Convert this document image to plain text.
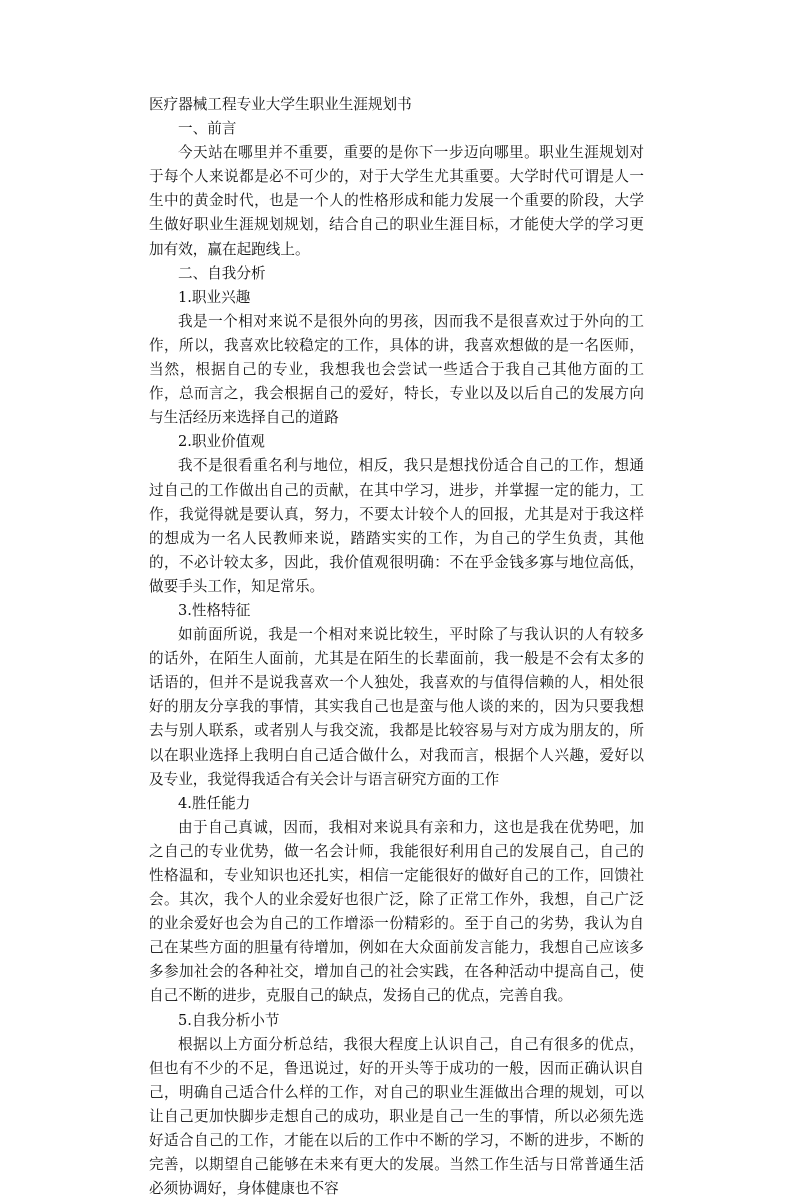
医疗器械工程专业大学生职业生涯规划书

一、前言

今天站在哪里并不重要，重要的是你下一步迈向哪里。职业生涯规划对于每个人来说都是必不可少的，对于大学生尤其重要。大学时代可谓是人一生中的黄金时代，也是一个人的性格形成和能力发展一个重要的阶段，大学生做好职业生涯规划规划，结合自己的职业生涯目标，才能使大学的学习更加有效，赢在起跑线上。

二、自我分析

1.职业兴趣

我是一个相对来说不是很外向的男孩，因而我不是很喜欢过于外向的工作，所以，我喜欢比较稳定的工作，具体的讲，我喜欢想做的是一名医师，当然，根据自己的专业，我想我也会尝试一些适合于我自己其他方面的工作，总而言之，我会根据自己的爱好，特长，专业以及以后自己的发展方向与生活经历来选择自己的道路

2.职业价值观

我不是很看重名利与地位，相反，我只是想找份适合自己的工作，想通过自己的工作做出自己的贡献，在其中学习，进步，并掌握一定的能力，工作，我觉得就是要认真，努力，不要太计较个人的回报，尤其是对于我这样的想成为一名人民教师来说，踏踏实实的工作，为自己的学生负责，其他的，不必计较太多，因此，我价值观很明确：不在乎金钱多寡与地位高低，做要手头工作，知足常乐。

3.性格特征

如前面所说，我是一个相对来说比较生，平时除了与我认识的人有较多的话外，在陌生人面前，尤其是在陌生的长辈面前，我一般是不会有太多的话语的，但并不是说我喜欢一个人独处，我喜欢的与值得信赖的人，相处很好的朋友分享我的事情，其实我自己也是蛮与他人谈的来的，因为只要我想去与别人联系，或者别人与我交流，我都是比较容易与对方成为朋友的，所以在职业选择上我明白自己适合做什么，对我而言，根据个人兴趣，爱好以及专业，我觉得我适合有关会计与语言研究方面的工作

4.胜任能力

由于自己真诚，因而，我相对来说具有亲和力，这也是我在优势吧，加之自己的专业优势，做一名会计师，我能很好利用自己的发展自己，自己的性格温和，专业知识也还扎实，相信一定能很好的做好自己的工作，回馈社会。其次，我个人的业余爱好也很广泛，除了正常工作外，我想，自己广泛的业余爱好也会为自己的工作增添一份精彩的。至于自己的劣势，我认为自己在某些方面的胆量有待增加，例如在大众面前发言能力，我想自己应该多多参加社会的各种社交，增加自己的社会实践，在各种活动中提高自己，使自己不断的进步，克服自己的缺点，发扬自己的优点，完善自我。

5.自我分析小节

根据以上方面分析总结，我很大程度上认识自己，自己有很多的优点，但也有不少的不足，鲁迅说过，好的开头等于成功的一般，因而正确认识自己，明确自己适合什么样的工作，对自己的职业生涯做出合理的规划，可以让自己更加快脚步走想自己的成功，职业是自己一生的事情，所以必须先选好适合自己的工作，才能在以后的工作中不断的学习，不断的进步，不断的完善，以期望自己能够在未来有更大的发展。当然工作生活与日常普通生活必须协调好，身体健康也不容
